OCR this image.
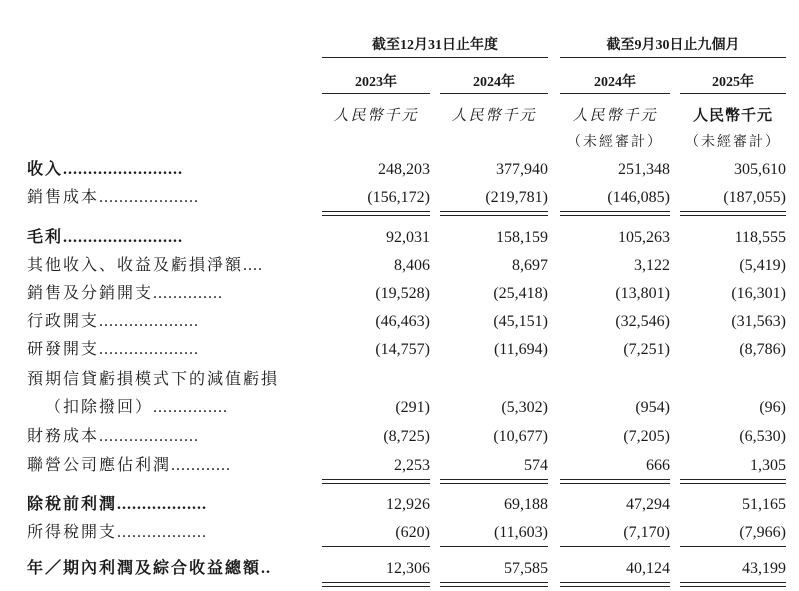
截至12月31日止年度	截至9月30日止九個月
2023年	2024年	2024年	2025年
人民幣千元	人民幣千元	人民幣千元	人民幣千元
（未經審計）	（未經審計）
收入........................	248,203	377,940	251,348	305,610
銷售成本....................	(156,172)	(219,781)	(146,085)	(187,055)
毛利........................	92,031	158,159	105,263	118,555
其他收入、收益及虧損淨額....	8,406	8,697	3,122	(5,419)
銷售及分銷開支..............	(19,528)	(25,418)	(13,801)	(16,301)
行政開支....................	(46,463)	(45,151)	(32,546)	(31,563)
研發開支....................	(14,757)	(11,694)	(7,251)	(8,786)
預期信貸虧損模式下的減值虧損
（扣除撥回）...............	(291)	(5,302)	(954)	(96)
財務成本....................	(8,725)	(10,677)	(7,205)	(6,530)
聯營公司應佔利潤............	2,253	574	666	1,305
除稅前利潤..................	12,926	69,188	47,294	51,165
所得稅開支..................	(620)	(11,603)	(7,170)	(7,966)
年／期內利潤及綜合收益總額..	12,306	57,585	40,124	43,199
